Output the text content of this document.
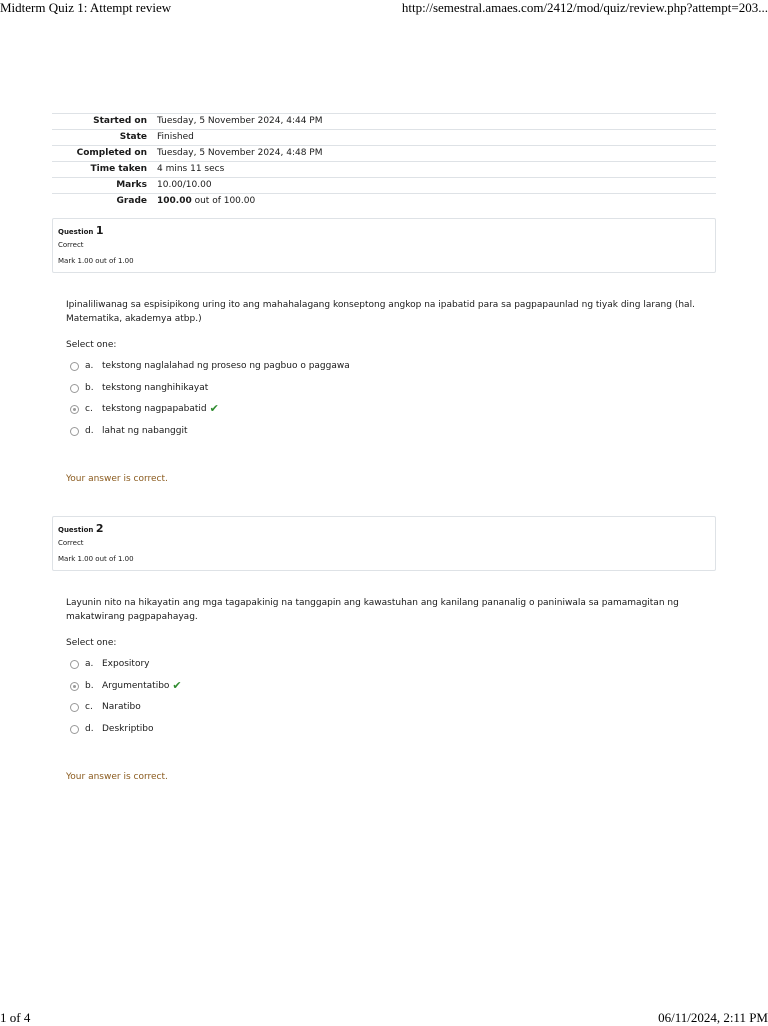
Midterm Quiz 1: Attempt review	http://semestral.amaes.com/2412/mod/quiz/review.php?attempt=203...
Started on	Tuesday, 5 November 2024, 4:44 PM
State	Finished
Completed on	Tuesday, 5 November 2024, 4:48 PM
Time taken	4 mins 11 secs
Marks	10.00/10.00
Grade	100.00 out of 100.00
Question 1
Correct
Mark 1.00 out of 1.00
Ipinaliliwanag sa espisipikong uring ito ang mahahalagang konseptong angkop na ipabatid para sa pagpapaunlad ng tiyak ding larang (hal. Matematika, akademya atbp.)
Select one:
a. tekstong naglalahad ng proseso ng pagbuo o paggawa
b. tekstong nanghihikayat
c.	tekstong nagpapabatid ✔
d. lahat ng nabanggit
Your answer is correct.
Question 2
Correct
Mark 1.00 out of 1.00
Layunin nito na hikayatin ang mga tagapakinig na tanggapin ang kawastuhan ang kanilang pananalig o paniniwala sa pamamagitan ng makatwirang pagpapahayag.
Select one:
a. Expository
b. Argumentatibo ✔
c.	Naratibo
d. Deskriptibo
Your answer is correct.
1 of 4	06/11/2024, 2:11 PM
